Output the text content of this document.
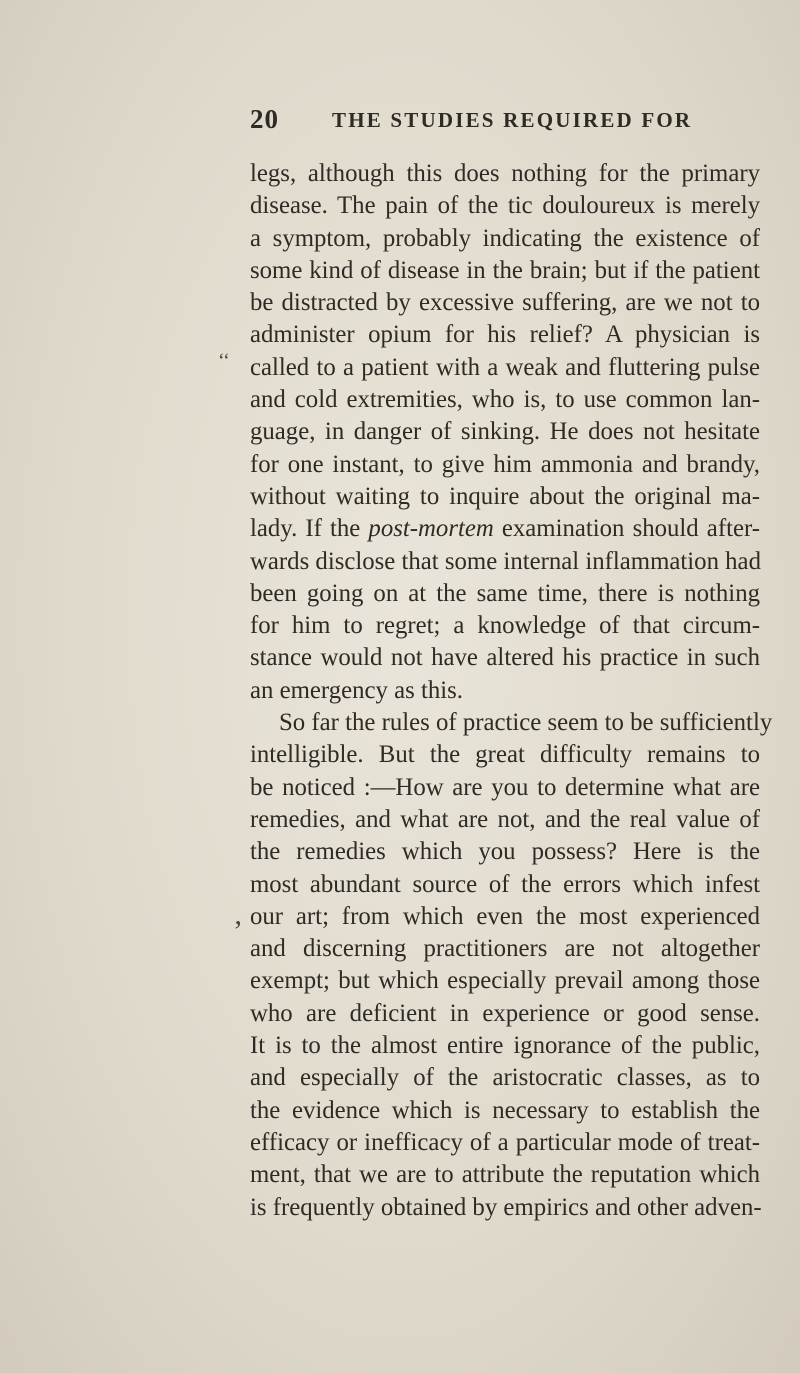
20	THE STUDIES REQUIRED FOR
‘‘
‚
legs, although this does nothing for the primary
disease. The pain of the tic douloureux is merely
a symptom, probably indicating the existence of
some kind of disease in the brain; but if the patient
be distracted by excessive suffering, are we not to
administer opium for his relief? A physician is
called to a patient with a weak and fluttering pulse
and cold extremities, who is, to use common lan-
guage, in danger of sinking. He does not hesitate
for one instant, to give him ammonia and brandy,
without waiting to inquire about the original ma-
lady. If the post-mortem examination should after-
wards disclose that some internal inflammation had
been going on at the same time, there is nothing
for him to regret; a knowledge of that circum-
stance would not have altered his practice in such
an emergency as this.
So far the rules of practice seem to be sufficiently
intelligible. But the great difficulty remains to
be noticed :—How are you to determine what are
remedies, and what are not, and the real value of
the remedies which you possess? Here is the
most abundant source of the errors which infest
our art; from which even the most experienced
and discerning practitioners are not altogether
exempt; but which especially prevail among those
who are deficient in experience or good sense.
It is to the almost entire ignorance of the public,
and especially of the aristocratic classes, as to
the evidence which is necessary to establish the
efficacy or inefficacy of a particular mode of treat-
ment, that we are to attribute the reputation which
is frequently obtained by empirics and other adven-
